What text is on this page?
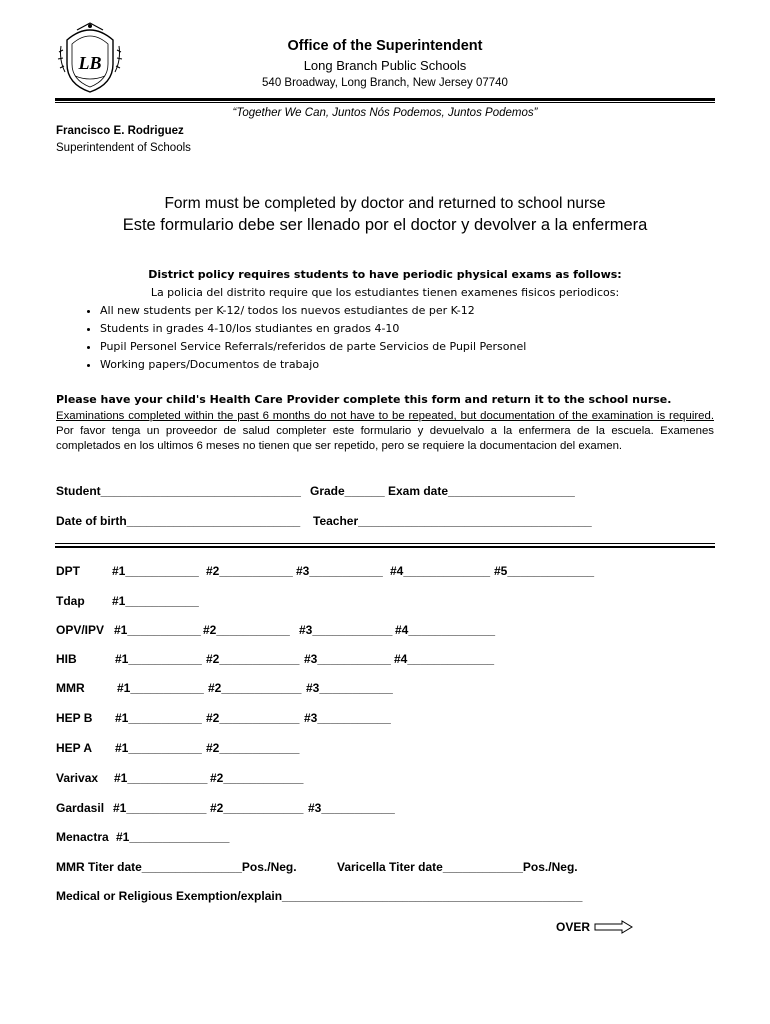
LB
Office of the Superintendent
Long Branch Public Schools
540 Broadway, Long Branch, New Jersey 07740
“Together We Can, Juntos Nós Podemos, Juntos Podemos”
Francisco E. Rodriguez
Superintendent of Schools
Form must be completed by doctor and returned to school nurse
Este formulario debe ser llenado por el doctor y devolver a la enfermera
District policy requires students to have periodic physical exams as follows:
La policia del distrito require que los estudiantes tienen examenes fisicos periodicos:
• All new students per K-12/ todos los nuevos estudiantes de per K-12
• Students in grades 4-10/los studiantes en grados 4-10
• Pupil Personel Service Referrals/referidos de parte Servicios de Pupil Personel
• Working papers/Documentos de trabajo
Please have your child's Health Care Provider complete this form and return it to the school nurse.
Examinations completed within the past 6 months do not have to be repeated, but documentation of the examination is required. Por favor tenga un proveedor de salud completer este formulario y devuelvalo a la enfermera de la escuela. Examenes completados en los ultimos 6 meses no tienen que ser repetido, pero se requiere la documentacion del examen.
Student______________________________ Grade______ Exam date___________________
Date of birth__________________________ Teacher___________________________________
DPT	#1___________ #2___________ #3___________ #4_____________ #5_____________
Tdap #1___________
OPV/IPV #1___________ #2___________ #3____________ #4_____________
HIB	#1___________ #2____________ #3___________ #4_____________
MMR	#1___________ #2____________ #3___________
HEP B #1___________ #2____________ #3___________
HEP A #1___________ #2____________
Varivax #1____________ #2____________
Gardasil #1____________ #2____________ #3___________
Menactra #1_______________
MMR Titer date_______________Pos./Neg.	Varicella Titer date____________Pos./Neg.
Medical or Religious Exemption/explain_____________________________________________
OVER
